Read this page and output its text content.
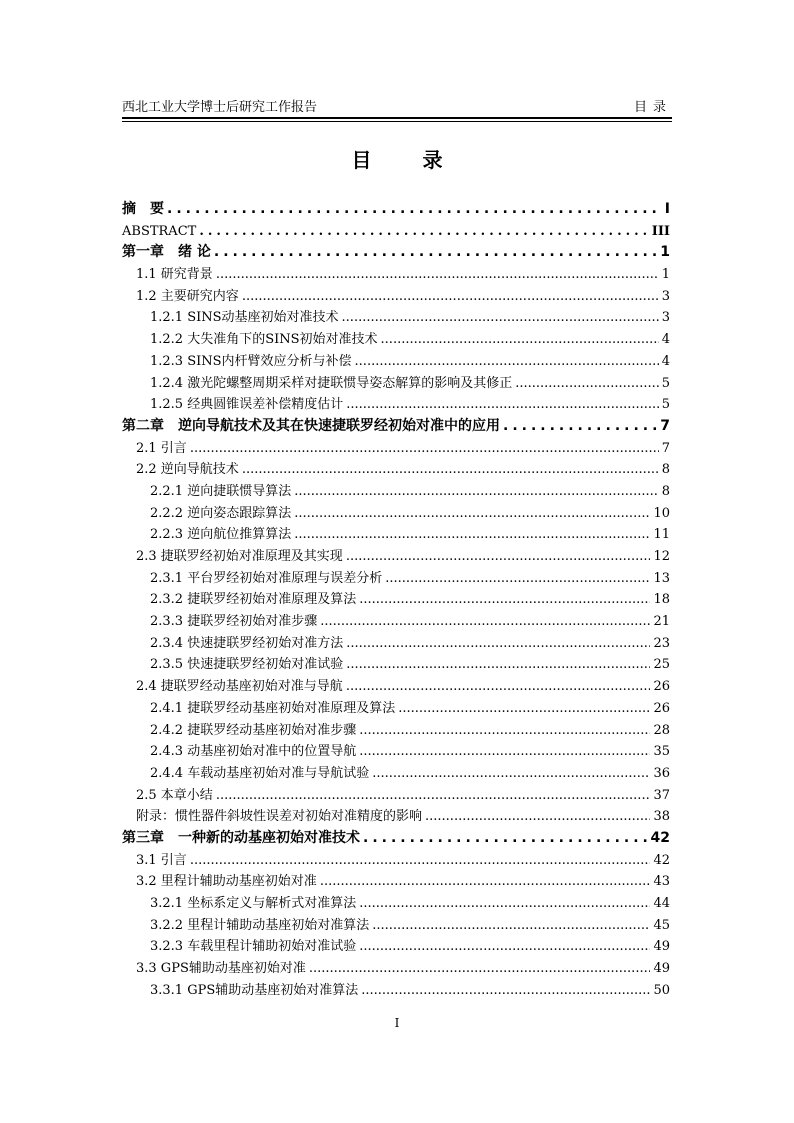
西北工业大学博士后研究工作报告	目录
目 录
摘　要 .....	I
ABSTRACT .....	III
第一章　绪 论 .....	1
1.1 研究背景 .....	1
1.2 主要研究内容 .....	3
1.2.1 SINS动基座初始对准技术 .....	3
1.2.2 大失准角下的SINS初始对准技术 .....	4
1.2.3 SINS内杆臂效应分析与补偿 .....	4
1.2.4 激光陀螺整周期采样对捷联惯导姿态解算的影响及其修正 .....	5
1.2.5 经典圆锥误差补偿精度估计 .....	5
第二章　逆向导航技术及其在快速捷联罗经初始对准中的应用 .....	7
2.1 引言 .....	7
2.2 逆向导航技术 .....	8
2.2.1 逆向捷联惯导算法 .....	8
2.2.2 逆向姿态跟踪算法 .....	10
2.2.3 逆向航位推算算法 .....	11
2.3 捷联罗经初始对准原理及其实现 .....	12
2.3.1 平台罗经初始对准原理与误差分析 .....	13
2.3.2 捷联罗经初始对准原理及算法 .....	18
2.3.3 捷联罗经初始对准步骤 .....	21
2.3.4 快速捷联罗经初始对准方法 .....	23
2.3.5 快速捷联罗经初始对准试验 .....	25
2.4 捷联罗经动基座初始对准与导航 .....	26
2.4.1 捷联罗经动基座初始对准原理及算法 .....	26
2.4.2 捷联罗经动基座初始对准步骤 .....	28
2.4.3 动基座初始对准中的位置导航 .....	35
2.4.4 车载动基座初始对准与导航试验 .....	36
2.5 本章小结 .....	37
附录：惯性器件斜坡性误差对初始对准精度的影响 .....	38
第三章　一种新的动基座初始对准技术 .....	42
3.1 引言 .....	42
3.2 里程计辅助动基座初始对准 .....	43
3.2.1 坐标系定义与解析式对准算法 .....	44
3.2.2 里程计辅助动基座初始对准算法 .....	45
3.2.3 车载里程计辅助初始对准试验 .....	49
3.3 GPS辅助动基座初始对准 .....	49
3.3.1 GPS辅助动基座初始对准算法 .....	50
I
